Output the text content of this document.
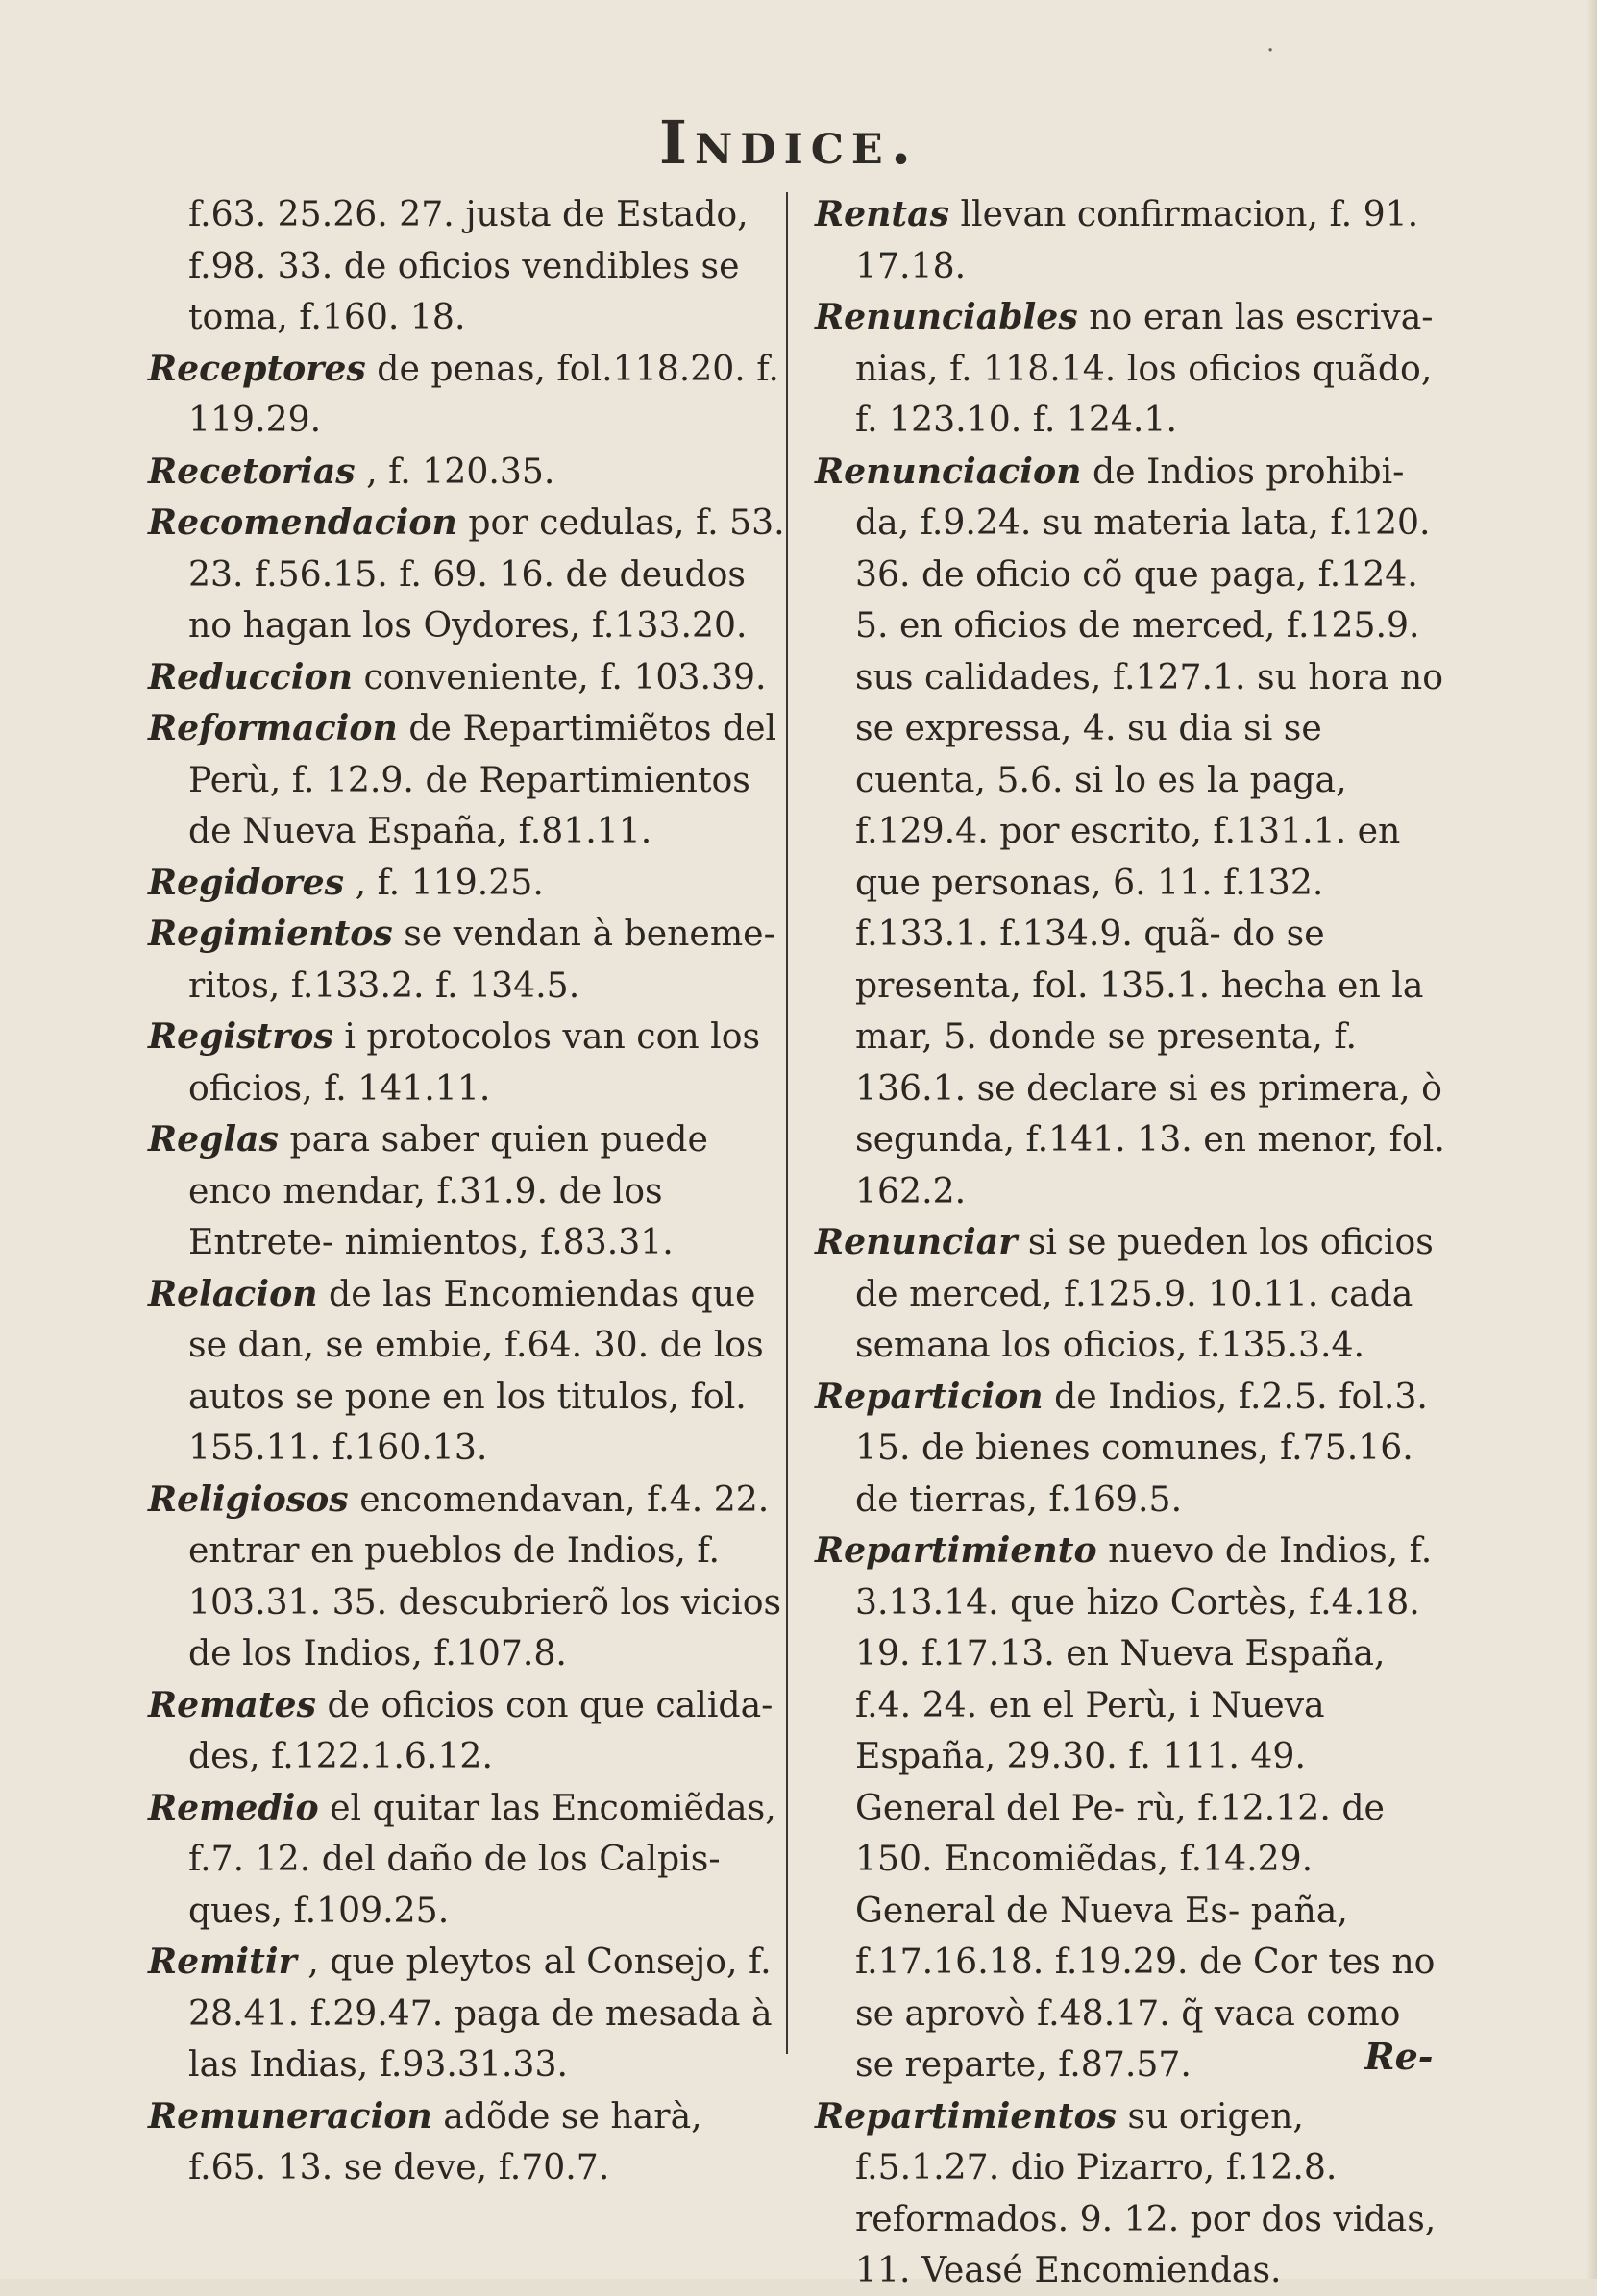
·
Indice.

f.63. 25.26. 27. justa de Estado, f.98. 33. de oficios vendibles se toma, f.160. 18.

Receptores de penas, fol.118.20. f. 119.29.

Recetorias , f. 120.35.

Recomendacion por cedulas, f. 53. 23. f.56.15. f. 69. 16. de deudos no hagan los Oydores, f.133.20.

Reduccion conveniente, f. 103.39.

Reformacion de Repartimiẽtos del Perù, f. 12.9. de Repartimientos de Nueva España, f.81.11.

Regidores , f. 119.25.

Regimientos se vendan à beneme- ritos, f.133.2. f. 134.5.

Registros i protocolos van con los oficios, f. 141.11.

Reglas para saber quien puede enco mendar, f.31.9. de los Entrete- nimientos, f.83.31.

Relacion de las Encomiendas que se dan, se embie, f.64. 30. de los autos se pone en los titulos, fol. 155.11. f.160.13.

Religiosos encomendavan, f.4. 22. entrar en pueblos de Indios, f. 103.31. 35. descubrierõ los vicios de los Indios, f.107.8.

Remates de oficios con que calida- des, f.122.1.6.12.

Remedio el quitar las Encomiẽdas, f.7. 12. del daño de los Calpis- ques, f.109.25.

Remitir , que pleytos al Consejo, f. 28.41. f.29.47. paga de mesada à las Indias, f.93.31.33.

Remuneracion adõde se harà, f.65. 13. se deve, f.70.7.

Rentas llevan confirmacion, f. 91. 17.18.

Renunciables no eran las escriva- nias, f. 118.14. los oficios quãdo, f. 123.10. f. 124.1.

Renunciacion de Indios prohibi- da, f.9.24. su materia lata, f.120. 36. de oficio cõ que paga, f.124. 5. en oficios de merced, f.125.9. sus calidades, f.127.1. su hora no se expressa, 4. su dia si se cuenta, 5.6. si lo es la paga, f.129.4. por escrito, f.131.1. en que personas, 6. 11. f.132. f.133.1. f.134.9. quã- do se presenta, fol. 135.1. hecha en la mar, 5. donde se presenta, f. 136.1. se declare si es primera, ò segunda, f.141. 13. en menor, fol. 162.2.

Renunciar si se pueden los oficios de merced, f.125.9. 10.11. cada semana los oficios, f.135.3.4.

Reparticion de Indios, f.2.5. fol.3. 15. de bienes comunes, f.75.16. de tierras, f.169.5.

Repartimiento nuevo de Indios, f. 3.13.14. que hizo Cortès, f.4.18. 19. f.17.13. en Nueva España, f.4. 24. en el Perù, i Nueva España, 29.30. f. 111. 49. General del Pe- rù, f.12.12. de 150. Encomiẽdas, f.14.29. General de Nueva Es- paña, f.17.16.18. f.19.29. de Cor tes no se aprovò f.48.17. q̃ vaca como se reparte, f.87.57.

Repartimientos su origen, f.5.1.27. dio Pizarro, f.12.8. reformados. 9. 12. por dos vidas, 11. Veasé Encomiendas.

Re-
